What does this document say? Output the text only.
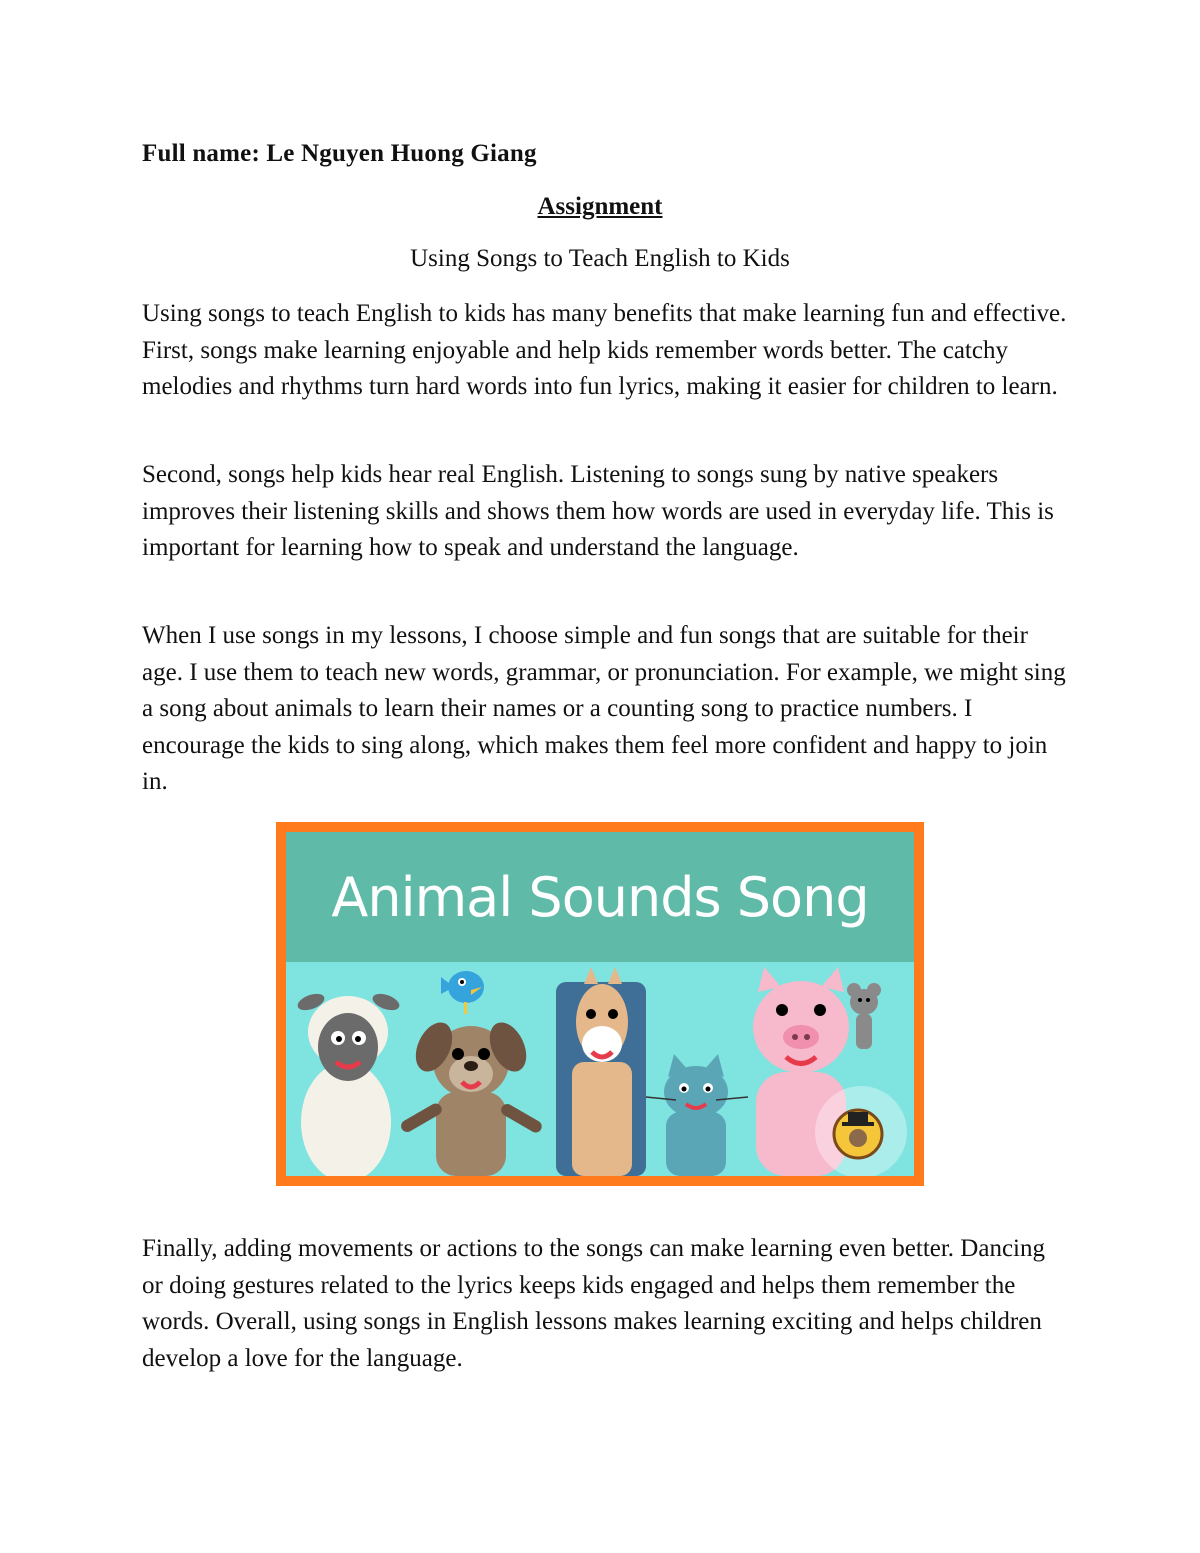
Full name: Le Nguyen Huong Giang
Assignment
Using Songs to Teach English to Kids

Using songs to teach English to kids has many benefits that make learning fun and effective. First, songs make learning enjoyable and help kids remember words better. The catchy melodies and rhythms turn hard words into fun lyrics, making it easier for children to learn.

Second, songs help kids hear real English. Listening to songs sung by native speakers improves their listening skills and shows them how words are used in everyday life. This is important for learning how to speak and understand the language.

When I use songs in my lessons, I choose simple and fun songs that are suitable for their age. I use them to teach new words, grammar, or pronunciation. For example, we might sing a song about animals to learn their names or a counting song to practice numbers. I encourage the kids to sing along, which makes them feel more confident and happy to join in.

Animal Sounds Song

Finally, adding movements or actions to the songs can make learning even better. Dancing or doing gestures related to the lyrics keeps kids engaged and helps them remember the words. Overall, using songs in English lessons makes learning exciting and helps children develop a love for the language.
